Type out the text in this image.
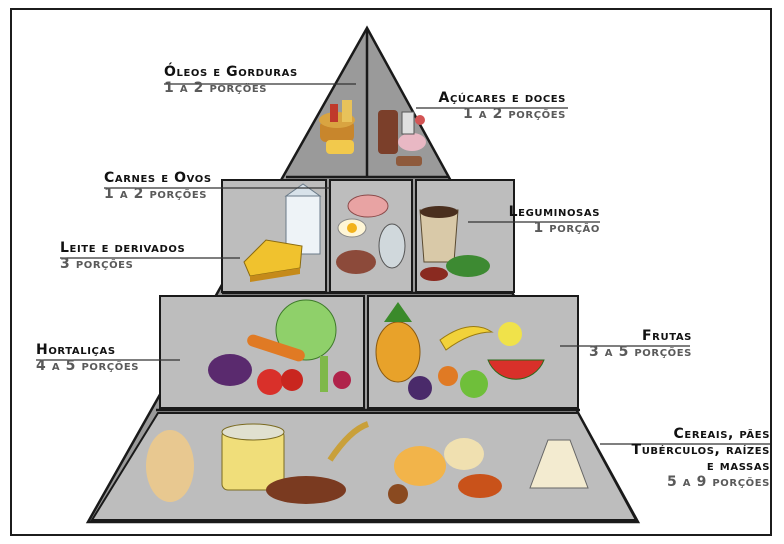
Óleos e Gorduras
1 a 2 porções
Açúcares e doces
1 a 2 porções
Carnes e Ovos
1 a 2 porções
Leguminosas
1 porção
Leite e derivados
3 porções
Hortaliças
4 a 5 porções
Frutas
3 a 5 porções
Cereais, pães
Tubérculos, raízes
e massas
5 a 9 porções
